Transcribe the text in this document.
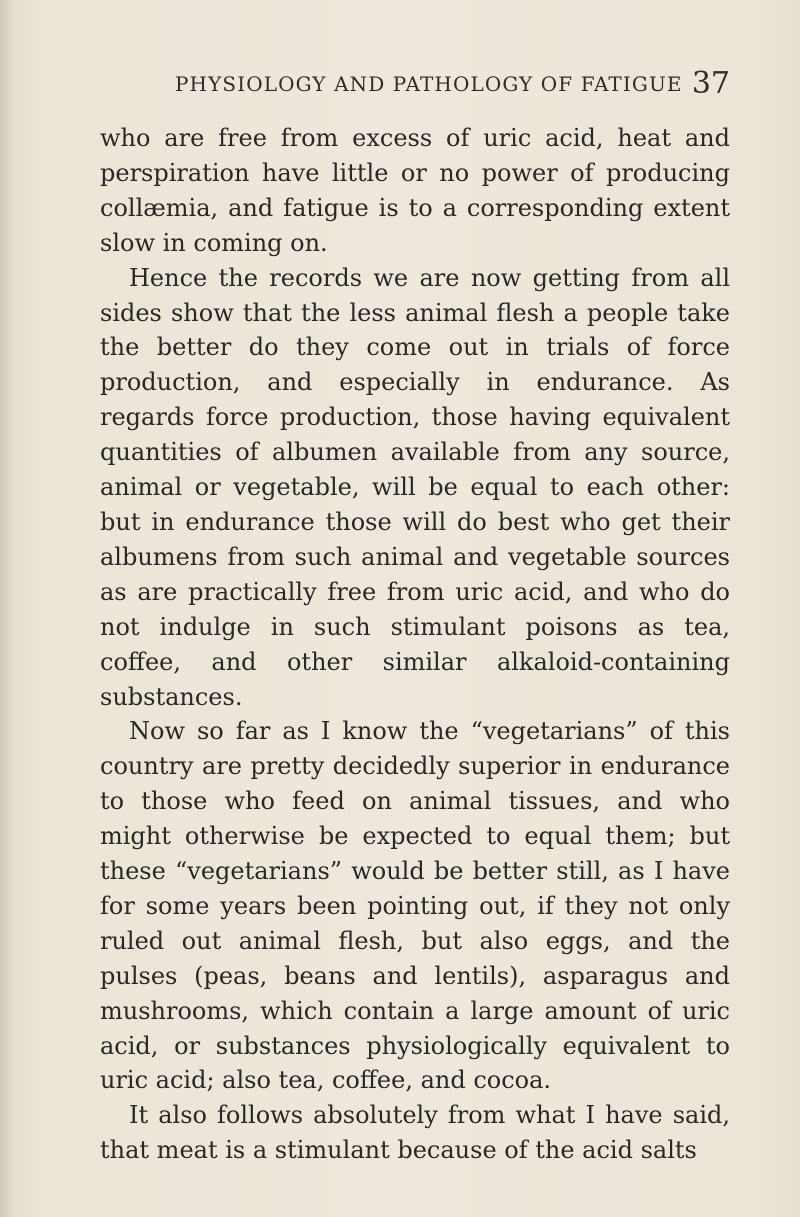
PHYSIOLOGY AND PATHOLOGY OF FATIGUE 37

who are free from excess of uric acid, heat and perspiration have little or no power of producing collæmia, and fatigue is to a corresponding extent slow in coming on.

Hence the records we are now getting from all sides show that the less animal flesh a people take the better do they come out in trials of force production, and especially in endurance. As regards force production, those having equivalent quantities of albumen available from any source, animal or vegetable, will be equal to each other: but in endurance those will do best who get their albumens from such animal and vegetable sources as are practically free from uric acid, and who do not indulge in such stimulant poisons as tea, coffee, and other similar alkaloid-containing substances.

Now so far as I know the “vegetarians” of this country are pretty decidedly superior in endurance to those who feed on animal tissues, and who might otherwise be expected to equal them; but these “vegetarians” would be better still, as I have for some years been pointing out, if they not only ruled out animal flesh, but also eggs, and the pulses (peas, beans and lentils), asparagus and mushrooms, which contain a large amount of uric acid, or substances physiologically equivalent to uric acid; also tea, coffee, and cocoa.

It also follows absolutely from what I have said, that meat is a stimulant because of the acid salts
